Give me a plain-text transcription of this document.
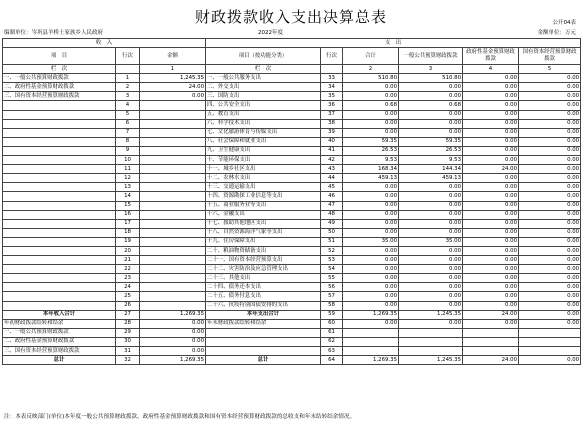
财政拨款收入支出决算总表	公开04表
编制单位：岑巩县羊桥土家族乡人民政府	2022年度	金额单位：万元
收　入			支　出					
项　目	行次	金额	项目（按功能分类）	行次	合计	一般公共预算财政拨款	政府性基金预算财政拨款	国有资本经营预算财政拨款

栏　次		1	栏　次		2	3	4	5
一、一般公共预算财政拨款	1	1,245.35	一、一般公共服务支出	33	510.80	510.80	0.00	0.00
二、政府性基金预算财政拨款	2	24.00	二、外交支出	34	0.00	0.00	0.00	0.00
三、国有资本经营预算财政拨款	3	0.00	三、国防支出	35	0.00	0.00	0.00	0.00
	4		四、公共安全支出	36	0.68	0.68	0.00	0.00
	5		五、教育支出	37	0.00	0.00	0.00	0.00
	6		六、科学技术支出	38	0.00	0.00	0.00	0.00
	7		七、文化旅游体育与传媒支出	39	0.00	0.00	0.00	0.00
	8		八、社会保障和就业支出	40	59.35	59.35	0.00	0.00
	9		九、卫生健康支出	41	26.53	26.53	0.00	0.00
	10		十、节能环保支出	42	9.53	9.53	0.00	0.00
	11		十一、城乡社区支出	43	168.34	144.34	24.00	0.00
	12		十二、农林水支出	44	459.13	459.13	0.00	0.00
	13		十三、交通运输支出	45	0.00	0.00	0.00	0.00
	14		十四、资源勘探工业信息等支出	46	0.00	0.00	0.00	0.00
	15		十五、商业服务业等支出	47	0.00	0.00	0.00	0.00
	16		十六、金融支出	48	0.00	0.00	0.00	0.00
	17		十七、援助其他地区支出	49	0.00	0.00	0.00	0.00
	18		十八、自然资源海洋气象等支出	50	0.00	0.00	0.00	0.00
	19		十九、住房保障支出	51	35.00	35.00	0.00	0.00
	20		二十、粮油物资储备支出	52	0.00	0.00	0.00	0.00
	21		二十一、国有资本经营预算支出	53	0.00	0.00	0.00	0.00
	22		二十二、灾害防治及应急管理支出	54	0.00	0.00	0.00	0.00
	23		二十三、其他支出	55	0.00	0.00	0.00	0.00
	24		二十四、债务还本支出	56	0.00	0.00	0.00	0.00
	25		二十五、债务付息支出	57	0.00	0.00	0.00	0.00
	26		二十六、抗疫特别国债安排的支出	58	0.00	0.00	0.00	0.00
本年收入合计	27	1,269.35	本年支出合计	59	1,269.35	1,245.35	24.00	0.00
年初财政拨款结转和结余	28	0.00	年末财政拨款结转和结余	60	0.00	0.00	0.00	0.00
一、一般公共预算财政拨款	29	0.00		61				
二、政府性基金预算财政拨款	30	0.00		62				
三、国有资本经营预算财政拨款	31	0.00		63				
总计	32	1,269.35	总计	64	1,269.35	1,245.35	24.00	0.00
注：本表反映部门(单位)本年度一般公共预算财政拨款、政府性基金预算财政拨款和国有资本经营预算财政拨款的总收支和年末结转结余情况。
